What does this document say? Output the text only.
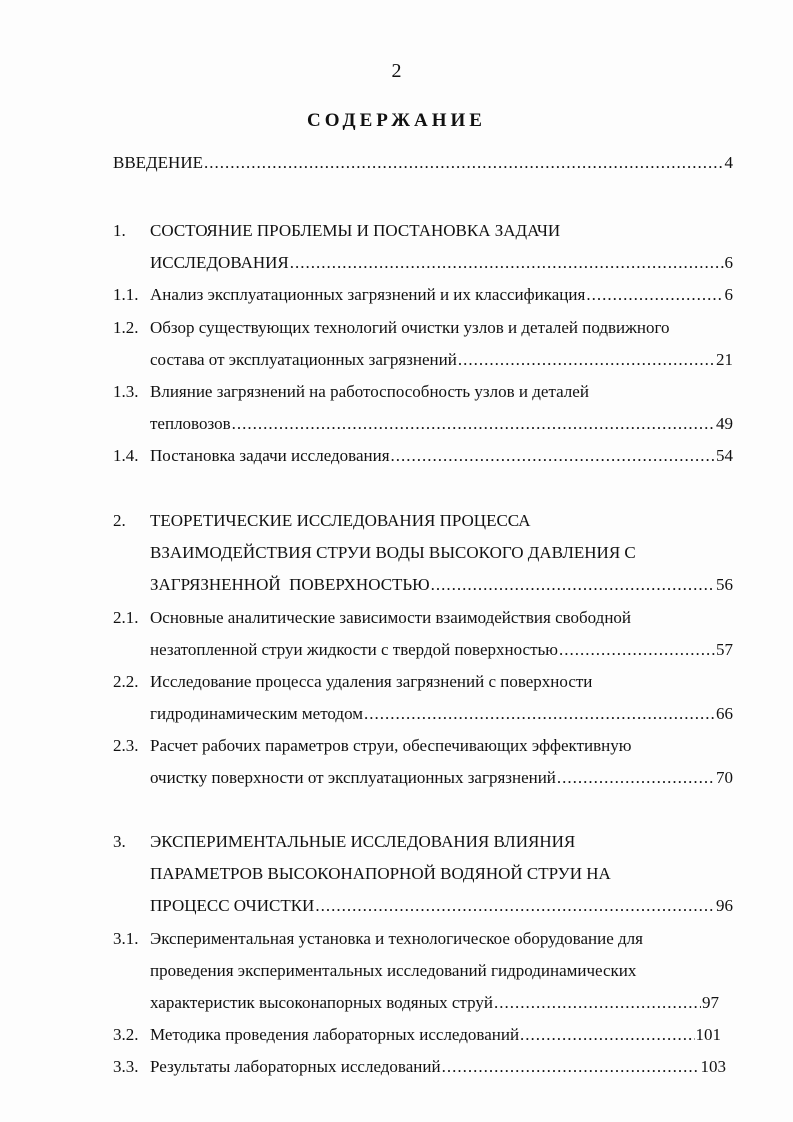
2
СОДЕРЖАНИЕ
ВВЕДЕНИЕ .....	4
1. СОСТОЯНИЕ ПРОБЛЕМЫ И ПОСТАНОВКА ЗАДАЧИ
ИССЛЕДОВАНИЯ .....	6
1.1. Анализ эксплуатационных загрязнений и их классификация .....	6
1.2. Обзор существующих технологий очистки узлов и деталей подвижного
состава от эксплуатационных загрязнений .....	21
1.3. Влияние загрязнений на работоспособность узлов и деталей
тепловозов .....	49
1.4. Постановка задачи исследования .....	54
2. ТЕОРЕТИЧЕСКИЕ ИССЛЕДОВАНИЯ ПРОЦЕССА
ВЗАИМОДЕЙСТВИЯ СТРУИ ВОДЫ ВЫСОКОГО ДАВЛЕНИЯ С
ЗАГРЯЗНЕННОЙ  ПОВЕРХНОСТЬЮ .....	56
2.1. Основные аналитические зависимости взаимодействия свободной
незатопленной струи жидкости с твердой поверхностью .....	57
2.2. Исследование процесса удаления загрязнений с поверхности
гидродинамическим методом .....	66
2.3. Расчет рабочих параметров струи, обеспечивающих эффективную
очистку поверхности от эксплуатационных загрязнений .....	70
3. ЭКСПЕРИМЕНТАЛЬНЫЕ ИССЛЕДОВАНИЯ ВЛИЯНИЯ
ПАРАМЕТРОВ ВЫСОКОНАПОРНОЙ ВОДЯНОЙ СТРУИ НА
ПРОЦЕСС ОЧИСТКИ .....	96
3.1. Экспериментальная установка и технологическое оборудование для
проведения экспериментальных исследований гидродинамических
характеристик высоконапорных водяных струй .....	97
3.2. Методика проведения лабораторных исследований .....	101
3.3. Результаты лабораторных исследований .....	103
